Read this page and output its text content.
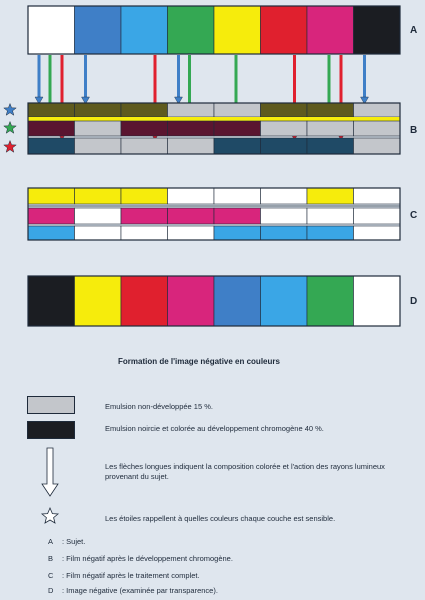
A
B
C
D
Formation de l'image négative en couleurs
Emulsion non-développée 15 %.
Emulsion noircie et colorée au développement chromogène 40 %.
Les flèches longues indiquent la composition colorée et l'action des rayons lumineux provenant du sujet.
Les étoiles rappellent à quelles couleurs chaque couche est sensible.
A : Sujet.
B : Film négatif après le développement chromogène.
C : Film négatif après le traitement complet.
D : Image négative (examinée par transparence).
